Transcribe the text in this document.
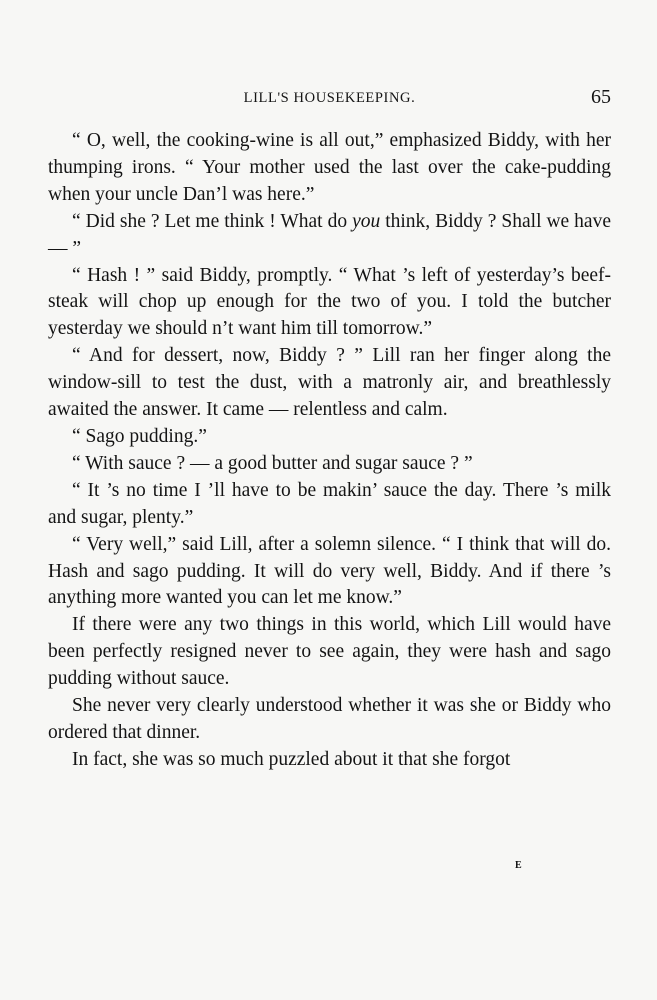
LILL'S HOUSEKEEPING.	65

“ O, well, the cooking-wine is all out,” emphasized Biddy, with her thumping irons. “ Your mother used the last over the cake-pudding when your uncle Dan’l was here.”

“ Did she ? Let me think ! What do you think, Biddy ? Shall we have — ”

“ Hash ! ” said Biddy, promptly. “ What ’s left of yesterday’s beef-steak will chop up enough for the two of you. I told the butcher yesterday we should n’t want him till tomorrow.”

“ And for dessert, now, Biddy ? ” Lill ran her finger along the window-sill to test the dust, with a matronly air, and breathlessly awaited the answer. It came — relentless and calm.

“ Sago pudding.”

“ With sauce ? — a good butter and sugar sauce ? ”

“ It ’s no time I ’ll have to be makin’ sauce the day. There ’s milk and sugar, plenty.”

“ Very well,” said Lill, after a solemn silence. “ I think that will do. Hash and sago pudding. It will do very well, Biddy. And if there ’s anything more wanted you can let me know.”

If there were any two things in this world, which Lill would have been perfectly resigned never to see again, they were hash and sago pudding without sauce.

She never very clearly understood whether it was she or Biddy who ordered that dinner.

In fact, she was so much puzzled about it that she forgot

E
